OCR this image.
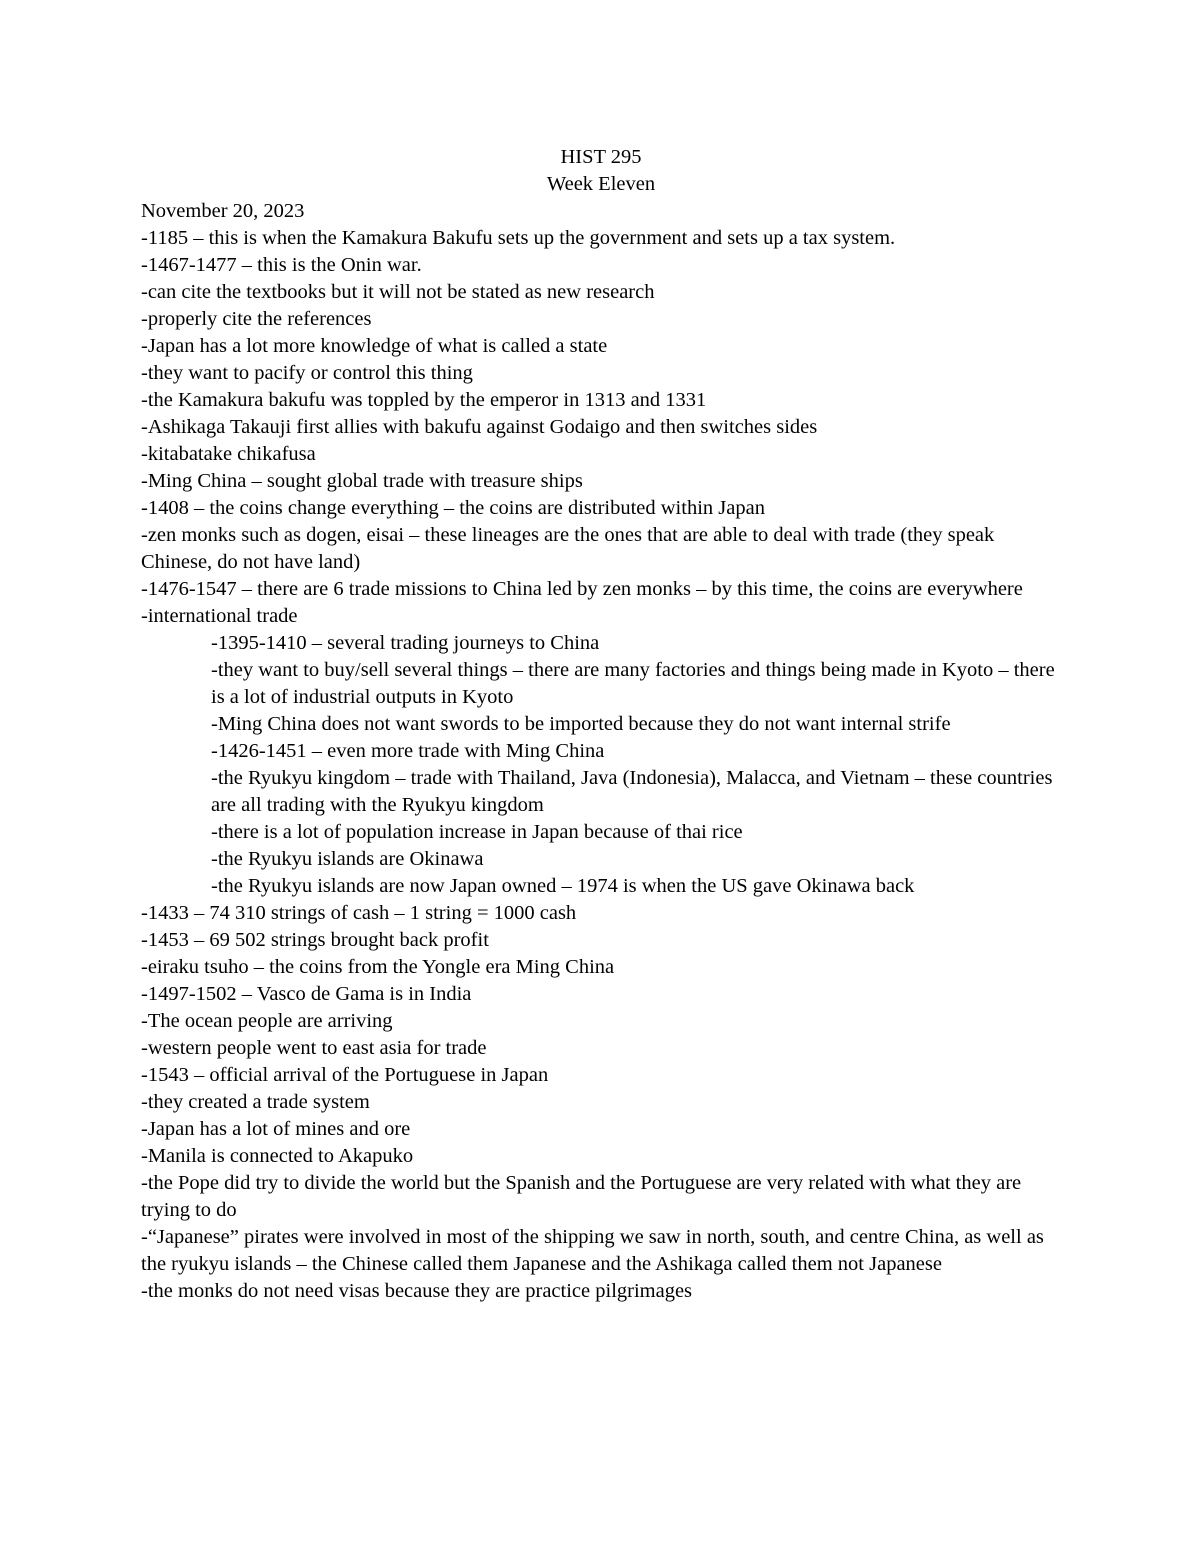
HIST 295

Week Eleven

November 20, 2023

-1185 – this is when the Kamakura Bakufu sets up the government and sets up a tax system.

-1467-1477 – this is the Onin war.

-can cite the textbooks but it will not be stated as new research

-properly cite the references

-Japan has a lot more knowledge of what is called a state

-they want to pacify or control this thing

-the Kamakura bakufu was toppled by the emperor in 1313 and 1331

-Ashikaga Takauji first allies with bakufu against Godaigo and then switches sides

-kitabatake chikafusa

-Ming China – sought global trade with treasure ships

-1408 – the coins change everything – the coins are distributed within Japan

-zen monks such as dogen, eisai – these lineages are the ones that are able to deal with trade (they speak Chinese, do not have land)

-1476-1547 – there are 6 trade missions to China led by zen monks – by this time, the coins are everywhere

-international trade

-1395-1410 – several trading journeys to China

-they want to buy/sell several things – there are many factories and things being made in Kyoto – there is a lot of industrial outputs in Kyoto

-Ming China does not want swords to be imported because they do not want internal strife

-1426-1451 – even more trade with Ming China

-the Ryukyu kingdom – trade with Thailand, Java (Indonesia), Malacca, and Vietnam – these countries are all trading with the Ryukyu kingdom

-there is a lot of population increase in Japan because of thai rice

-the Ryukyu islands are Okinawa

-the Ryukyu islands are now Japan owned – 1974 is when the US gave Okinawa back

-1433 – 74 310 strings of cash – 1 string = 1000 cash

-1453 – 69 502 strings brought back profit

-eiraku tsuho – the coins from the Yongle era Ming China

-1497-1502 – Vasco de Gama is in India

-The ocean people are arriving

-western people went to east asia for trade

-1543 – official arrival of the Portuguese in Japan

-they created a trade system

-Japan has a lot of mines and ore

-Manila is connected to Akapuko

-the Pope did try to divide the world but the Spanish and the Portuguese are very related with what they are trying to do

-“Japanese” pirates were involved in most of the shipping we saw in north, south, and centre China, as well as the ryukyu islands – the Chinese called them Japanese and the Ashikaga called them not Japanese

-the monks do not need visas because they are practice pilgrimages
